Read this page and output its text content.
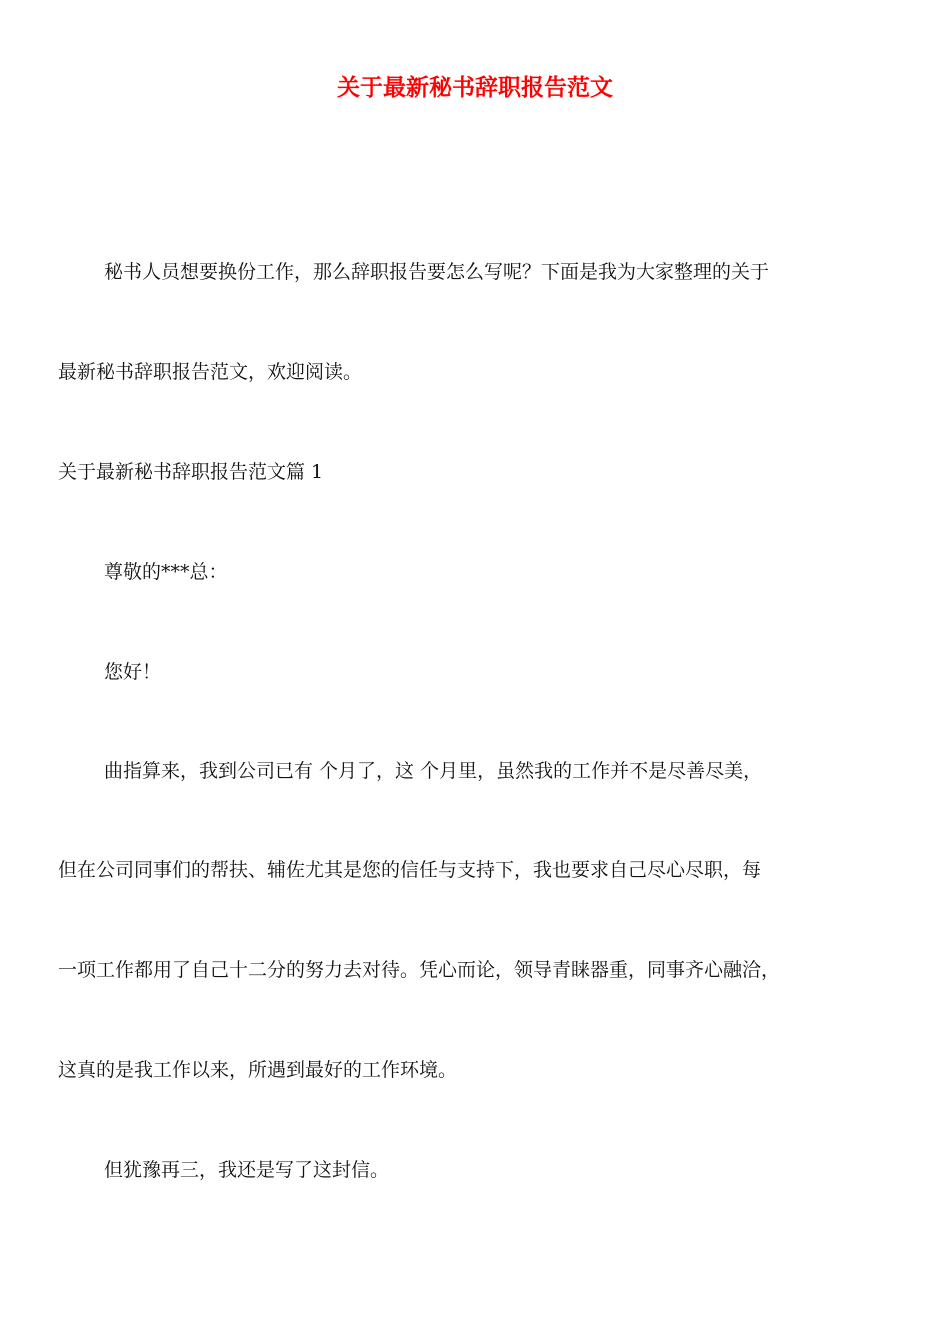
关于最新秘书辞职报告范文

秘书人员想要换份工作，那么辞职报告要怎么写呢？下面是我为大家整理的关于

最新秘书辞职报告范文，欢迎阅读。

关于最新秘书辞职报告范文篇 1

尊敬的***总：

您好！

曲指算来，我到公司已有 个月了，这 个月里，虽然我的工作并不是尽善尽美，

但在公司同事们的帮扶、辅佐尤其是您的信任与支持下，我也要求自己尽心尽职，每

一项工作都用了自己十二分的努力去对待。凭心而论，领导青睐器重，同事齐心融洽，

这真的是我工作以来，所遇到最好的工作环境。

但犹豫再三，我还是写了这封信。
